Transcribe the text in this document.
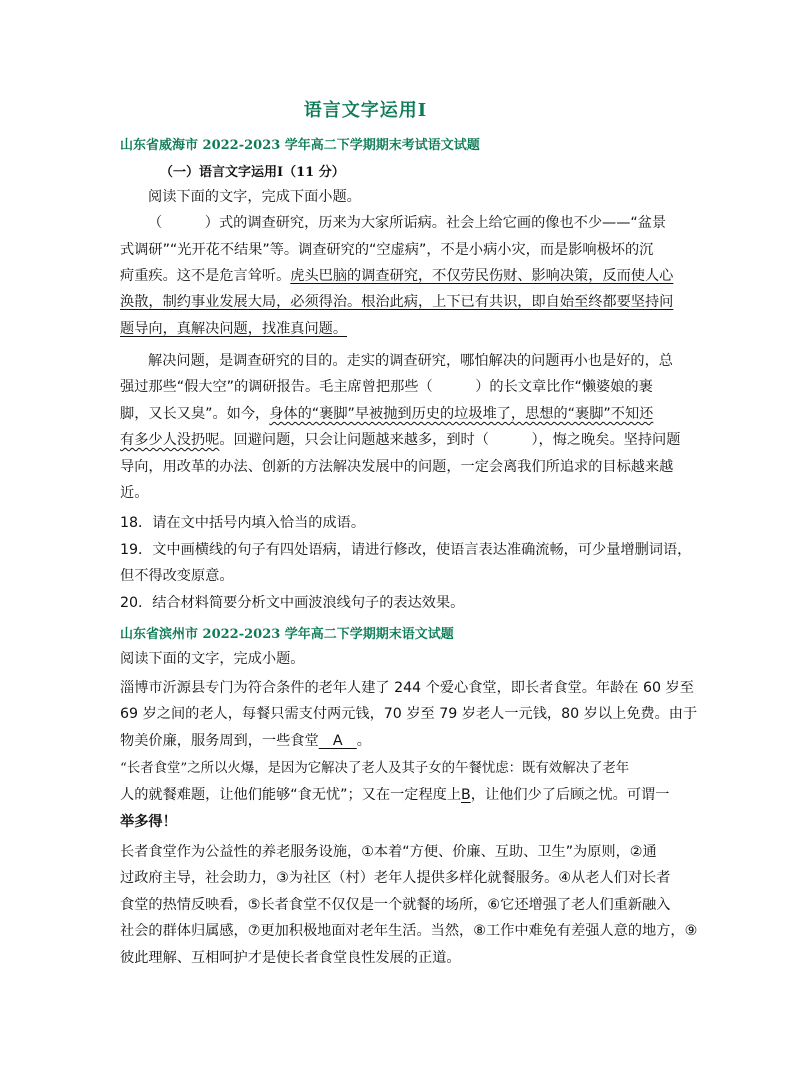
语言文字运用Ⅰ
山东省威海市 2022-2023 学年高二下学期期末考试语文试题
（一）语言文字运用Ⅰ（11 分）
阅读下面的文字，完成下面小题。
（　　　）式的调查研究，历来为大家所诟病。社会上给它画的像也不少——“盆景
式调研”“光开花不结果”等。调查研究的“空虚病”，不是小病小灾，而是影响极坏的沉
疴重疾。这不是危言耸听。虎头巴脑的调查研究，不仅劳民伤财、影响决策，反而使人心
涣散，制约事业发展大局，必须得治。根治此病，上下已有共识，即自始至终都要坚持问
题导向，真解决问题，找准真问题。
解决问题，是调查研究的目的。走实的调查研究，哪怕解决的问题再小也是好的，总
强过那些“假大空”的调研报告。毛主席曾把那些（　　　）的长文章比作“懒婆娘的裹
脚，又长又臭”。如今，身体的“裹脚”早被抛到历史的垃圾堆了，思想的“裹脚”不知还
有多少人没扔呢。回避问题，只会让问题越来越多，到时（　　　），悔之晚矣。坚持问题
导向，用改革的办法、创新的方法解决发展中的问题，一定会离我们所追求的目标越来越
近。
18．请在文中括号内填入恰当的成语。
19．文中画横线的句子有四处语病，请进行修改，使语言表达准确流畅，可少量增删词语，
但不得改变原意。
20．结合材料简要分析文中画波浪线句子的表达效果。
山东省滨州市 2022-2023 学年高二下学期期末语文试题
阅读下面的文字，完成小题。
淄博市沂源县专门为符合条件的老年人建了 244 个爱心食堂，即长者食堂。年龄在 60 岁至
69 岁之间的老人，每餐只需支付两元钱，70 岁至 79 岁老人一元钱，80 岁以上免费。由于
物美价廉，服务周到，一些食堂　A　。
“长者食堂”之所以火爆，是因为它解决了老人及其子女的午餐忧虑：既有效解决了老年
人的就餐难题，让他们能够“食无忧”；又在一定程度上B，让他们少了后顾之忧。可谓一
举多得！
长者食堂作为公益性的养老服务设施，①本着“方便、价廉、互助、卫生”为原则，②通
过政府主导，社会助力，③为社区（村）老年人提供多样化就餐服务。④从老人们对长者
食堂的热情反映看，⑤长者食堂不仅仅是一个就餐的场所，⑥它还增强了老人们重新融入
社会的群体归属感，⑦更加积极地面对老年生活。当然，⑧工作中难免有差强人意的地方，⑨
彼此理解、互相呵护才是使长者食堂良性发展的正道。
